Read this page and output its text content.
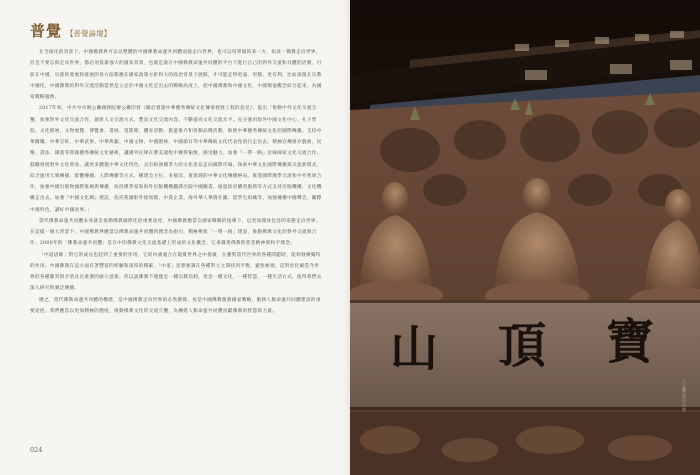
普覺 【普覺論壇】

在全球化的背景下，中國佛教界可以以整體的中國佛教命運共同體面貌走向世界，也可以用單個的某一方，如某一佛教走向世界，但是不要忘和走向世界，都必須依靠強大的國家背景，也就是說在中國佛教命運共同體的平台下進行自己的對外交流和具體的活動。目前在中國，宗派的發展和發展的各方面都應在國家政策方針和大的政治背景下展開，才可能走得更遠、更穩、更有利。比如說現在宗教中國化，中國佛教的對外交流活動當然是立足於中國文化走出去的戰略高度上，把中國佛教和中國文化、中國價值觀念結合起來，為國家戰略服務。

2017年初，中共中央辦公廳國務院辦公廳印發《關於實施中華優秀傳統文化傳承發展工程的意見》，提出「推動中外文化交流互鑒，加強對外文化交流合作，創新人文交流方式，豐富文化交流內容，不斷提高文化交流水平。充分運用海外中國文化中心、孔子學院、文化節展、文物展覽、博覽會、書展、電影節、體育活動、旅遊推介和各類品牌活動，助推中華優秀傳統文化的國際傳播。支持中華醫藥、中華烹飪、中華武術、中華典籍、中國文物、中國園林、中國節日等中華傳統文化代表性項目走出去。積極宣傳推介戲曲、民樂、書法、國畫等我國優秀傳統文化藝術，讓國外民眾在審美過程中獲得愉悅、感受魅力。加強『一帶一路』沿線國家文化交流合作。鼓勵發展對外文化貿易，讓更多體現中華文化特色、具有較強競爭力的文化產品走向國際市場。探索中華文化國際傳播與交流新模式，綜合運用大眾傳播、群體傳播、人際傳播等方式，構建全方位、多層次、寬領域的中華文化傳播格局。推進國際漢學交流和中外智庫合作，加強中國出版物國際推廣與傳播，扶持漢學家和海外出版機構翻譯出版中國圖書，通過政府購買服務等方式支持出版機構、文化機構走出去。加強『中國文化網』建設，依托我國駐外使領館、中資企業、海外華人華僑社團、留學生組織等，加強傳播中國聲音、闡釋中國特色，講好中國故事。」

當代佛教命運共同體本身就是推動佛教國際化的重要途徑，中國佛教應當在國家戰略的指導下，以更加開放包容的姿態走向世界。在這樣一個大背景下，中國佛教界應當以佛教命運共同體的理念為指引，積極參與「一帶一路」建設，推動佛教文化的對外交流與合作。2000年的「佛教命運共同體」是在中印佛教文化交流基礎上形成的文化概念，它承載著佛教的慈悲精神與和平理念。

「中道思維」對它的成長也起到了重要的作用，它的內涵適合在現實世界之中推廣，在應對當代世界的各種問題時，能夠發揮獨特的作用。中國佛教在這方面有著豐富的經驗和深厚的積累，「中道」思想強調在各種對立之間找到平衡，避免極端，這對於化解當今世界的各種衝突與矛盾具有重要的啟示意義。所以說佛教不僅僅是一種宗教信仰，更是一種文化，一種智慧，一種生活方式，值得我們去深入研究和廣泛傳播。

總之，當代佛教命運共同體的構建，是中國佛教走向世界的必然選擇，也是中國佛教服務國家戰略、服務人類命運共同體建設的重要途徑。我們應當以更加積極的態度，推動佛教文化的交流互鑒，為構建人類命運共同體貢獻佛教的智慧與力量。

024
山 頂 寶
大足寶頂山石刻
